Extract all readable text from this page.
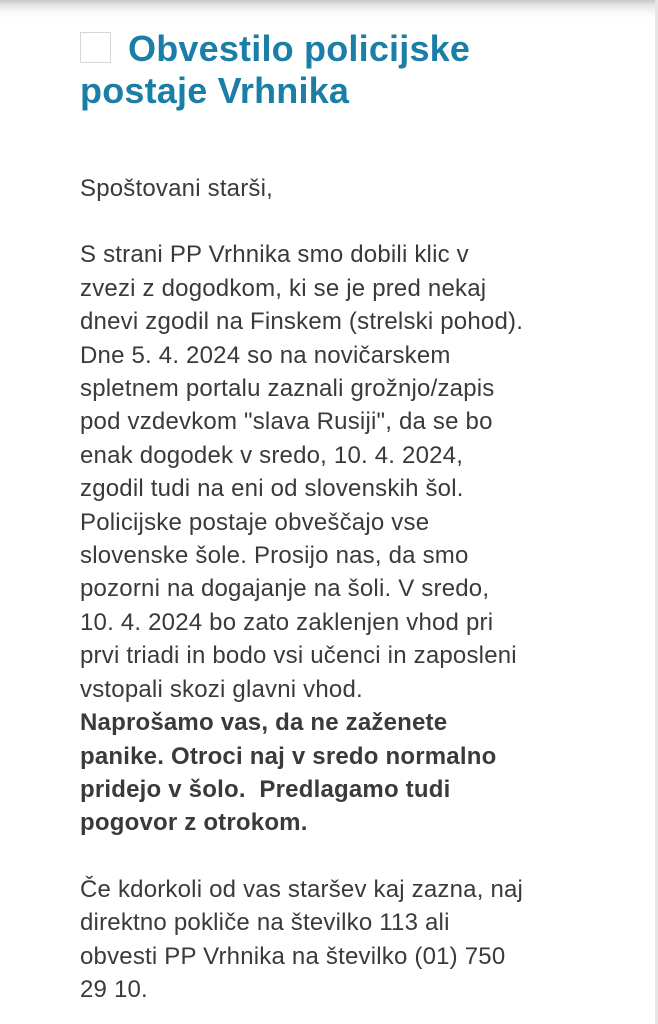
Obvestilo policijske
postaje Vrhnika

Spoštovani starši,

S strani PP Vrhnika smo dobili klic v
zvezi z dogodkom, ki se je pred nekaj
dnevi zgodil na Finskem (strelski pohod).
Dne 5. 4. 2024 so na novičarskem
spletnem portalu zaznali grožnjo/zapis
pod vzdevkom "slava Rusiji", da se bo
enak dogodek v sredo, 10. 4. 2024,
zgodil tudi na eni od slovenskih šol.
Policijske postaje obveščajo vse
slovenske šole. Prosijo nas, da smo
pozorni na dogajanje na šoli. V sredo,
10. 4. 2024 bo zato zaklenjen vhod pri
prvi triadi in bodo vsi učenci in zaposleni
vstopali skozi glavni vhod.

Naprošamo vas, da ne zaženete
panike. Otroci naj v sredo normalno
pridejo v šolo.  Predlagamo tudi
pogovor z otrokom.

Če kdorkoli od vas staršev kaj zazna, naj
direktno pokliče na številko 113 ali
obvesti PP Vrhnika na številko (01) 750
29 10.
